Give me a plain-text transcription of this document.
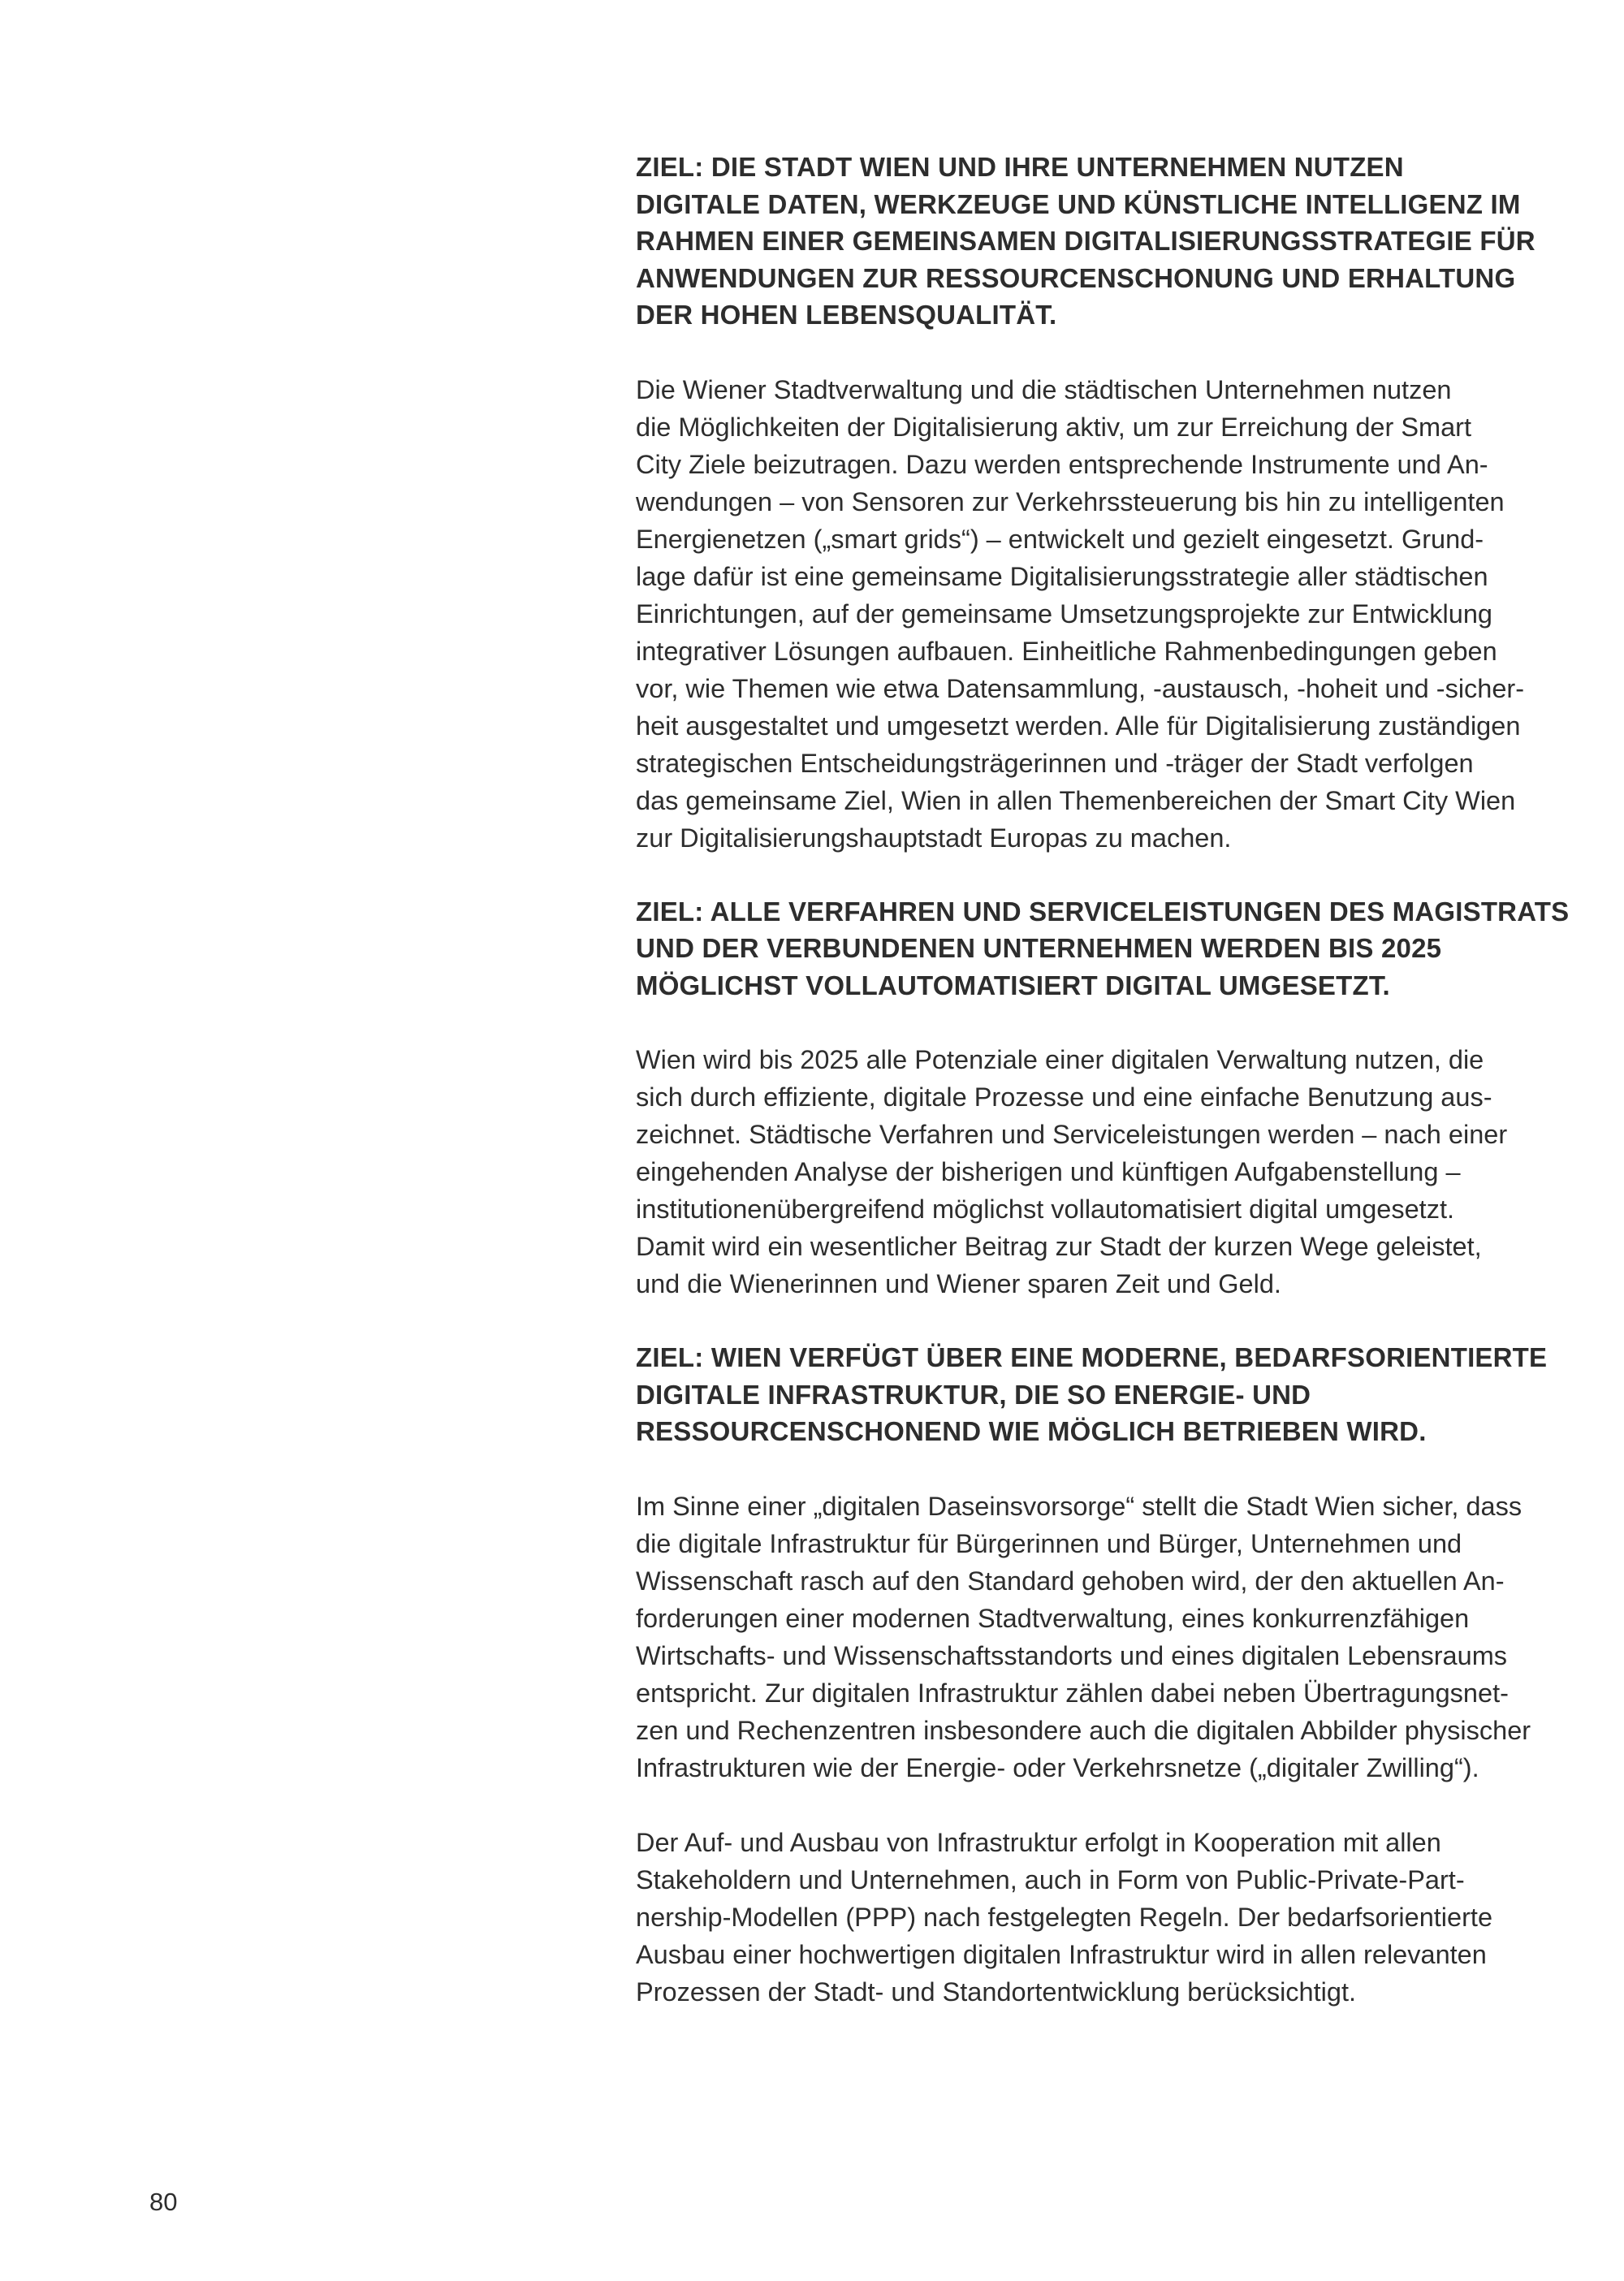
ZIEL: DIE STADT WIEN UND IHRE UNTERNEHMEN NUTZEN
DIGITALE DATEN, WERKZEUGE UND KÜNSTLICHE INTELLIGENZ IM
RAHMEN EINER GEMEINSAMEN DIGITALISIERUNGSSTRATEGIE FÜR
ANWENDUNGEN ZUR RESSOURCENSCHONUNG UND ERHALTUNG
DER HOHEN LEBENSQUALITÄT.

Die Wiener Stadtverwaltung und die städtischen Unternehmen nutzen
die Möglichkeiten der Digitalisierung aktiv, um zur Erreichung der Smart
City Ziele beizutragen. Dazu werden entsprechende Instrumente und An-
wendungen – von Sensoren zur Verkehrssteuerung bis hin zu intelligenten
Energienetzen („smart grids“) – entwickelt und gezielt eingesetzt. Grund-
lage dafür ist eine gemeinsame Digitalisierungsstrategie aller städtischen
Einrichtungen, auf der gemeinsame Umsetzungsprojekte zur Entwicklung
integrativer Lösungen aufbauen. Einheitliche Rahmenbedingungen geben
vor, wie Themen wie etwa Datensammlung, -austausch, -hoheit und -sicher-
heit ausgestaltet und umgesetzt werden. Alle für Digitalisierung zuständigen
strategischen Entscheidungsträgerinnen und -träger der Stadt verfolgen
das gemeinsame Ziel, Wien in allen Themenbereichen der Smart City Wien
zur Digitalisierungshauptstadt Europas zu machen.

ZIEL: ALLE VERFAHREN UND SERVICELEISTUNGEN DES MAGISTRATS
UND DER VERBUNDENEN UNTERNEHMEN WERDEN BIS 2025
MÖGLICHST VOLLAUTOMATISIERT DIGITAL UMGESETZT.

Wien wird bis 2025 alle Potenziale einer digitalen Verwaltung nutzen, die
sich durch effiziente, digitale Prozesse und eine einfache Benutzung aus-
zeichnet. Städtische Verfahren und Serviceleistungen werden – nach einer
eingehenden Analyse der bisherigen und künftigen Aufgabenstellung –
institutionenübergreifend möglichst vollautomatisiert digital umgesetzt.
Damit wird ein wesentlicher Beitrag zur Stadt der kurzen Wege geleistet,
und die Wienerinnen und Wiener sparen Zeit und Geld.

ZIEL: WIEN VERFÜGT ÜBER EINE MODERNE, BEDARFSORIENTIERTE
DIGITALE INFRASTRUKTUR, DIE SO ENERGIE- UND
RESSOURCENSCHONEND WIE MÖGLICH BETRIEBEN WIRD.

Im Sinne einer „digitalen Daseinsvorsorge“ stellt die Stadt Wien sicher, dass
die digitale Infrastruktur für Bürgerinnen und Bürger, Unternehmen und
Wissenschaft rasch auf den Standard gehoben wird, der den aktuellen An-
forderungen einer modernen Stadtverwaltung, eines konkurrenzfähigen
Wirtschafts- und Wissenschaftsstandorts und eines digitalen Lebensraums
entspricht. Zur digitalen Infrastruktur zählen dabei neben Übertragungsnet-
zen und Rechenzentren insbesondere auch die digitalen Abbilder physischer
Infrastrukturen wie der Energie- oder Verkehrsnetze („digitaler Zwilling“).

Der Auf- und Ausbau von Infrastruktur erfolgt in Kooperation mit allen
Stakeholdern und Unternehmen, auch in Form von Public-Private-Part-
nership-Modellen (PPP) nach festgelegten Regeln. Der bedarfsorientierte
Ausbau einer hochwertigen digitalen Infrastruktur wird in allen relevanten
Prozessen der Stadt- und Standortentwicklung berücksichtigt.

80
